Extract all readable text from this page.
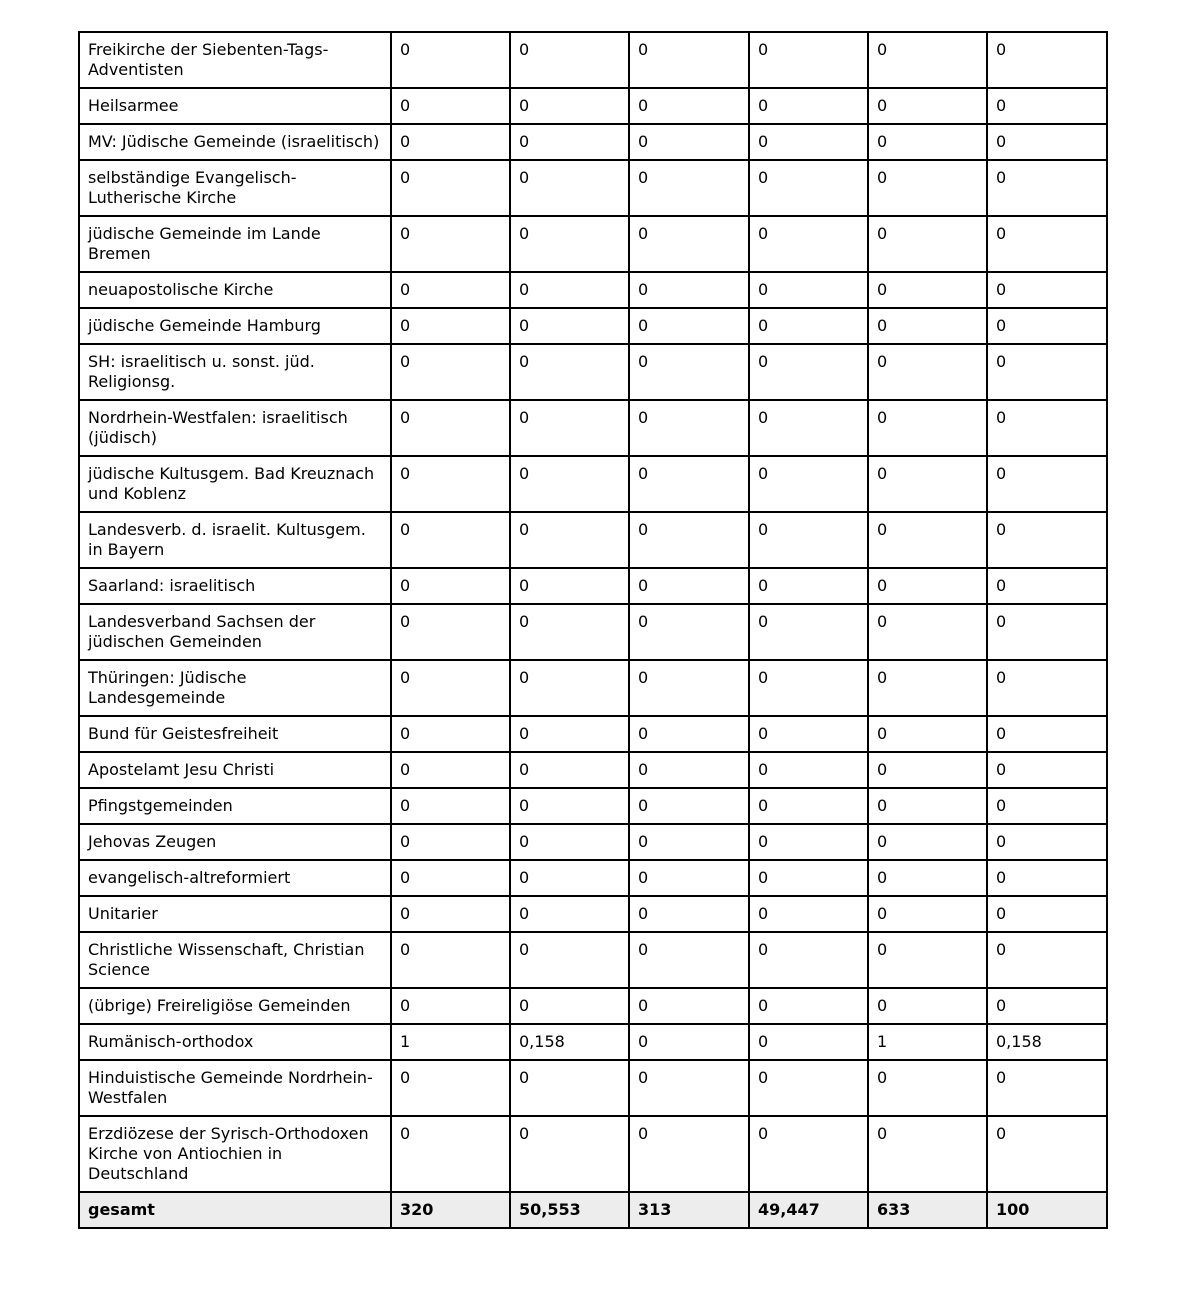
Freikirche der Siebenten-Tags-Adventisten	0	0	0	0	0	0

Heilsarmee	0	0	0	0	0	0

MV: Jüdische Gemeinde (israelitisch)	0	0	0	0	0	0

selbständige Evangelisch-Lutherische Kirche	0	0	0	0	0	0

jüdische Gemeinde im Lande Bremen	0	0	0	0	0	0

neuapostolische Kirche	0	0	0	0	0	0

jüdische Gemeinde Hamburg	0	0	0	0	0	0

SH: israelitisch u. sonst. jüd. Religionsg.	0	0	0	0	0	0

Nordrhein-Westfalen: israelitisch (jüdisch)	0	0	0	0	0	0

jüdische Kultusgem. Bad Kreuznach und Koblenz	0	0	0	0	0	0

Landesverb. d. israelit. Kultusgem. in Bayern	0	0	0	0	0	0

Saarland: israelitisch	0	0	0	0	0	0

Landesverband Sachsen der jüdischen Gemeinden	0	0	0	0	0	0

Thüringen: Jüdische Landesgemeinde	0	0	0	0	0	0

Bund für Geistesfreiheit	0	0	0	0	0	0

Apostelamt Jesu Christi	0	0	0	0	0	0

Pfingstgemeinden	0	0	0	0	0	0

Jehovas Zeugen	0	0	0	0	0	0

evangelisch-altreformiert	0	0	0	0	0	0

Unitarier	0	0	0	0	0	0

Christliche Wissenschaft, Christian Science	0	0	0	0	0	0

(übrige) Freireligiöse Gemeinden	0	0	0	0	0	0

Rumänisch-orthodox	1	0,158	0	0	1	0,158

Hinduistische Gemeinde Nordrhein-Westfalen	0	0	0	0	0	0

Erzdiözese der Syrisch-Orthodoxen Kirche von Antiochien in Deutschland	0	0	0	0	0	0

gesamt	320	50,553	313	49,447	633	100
